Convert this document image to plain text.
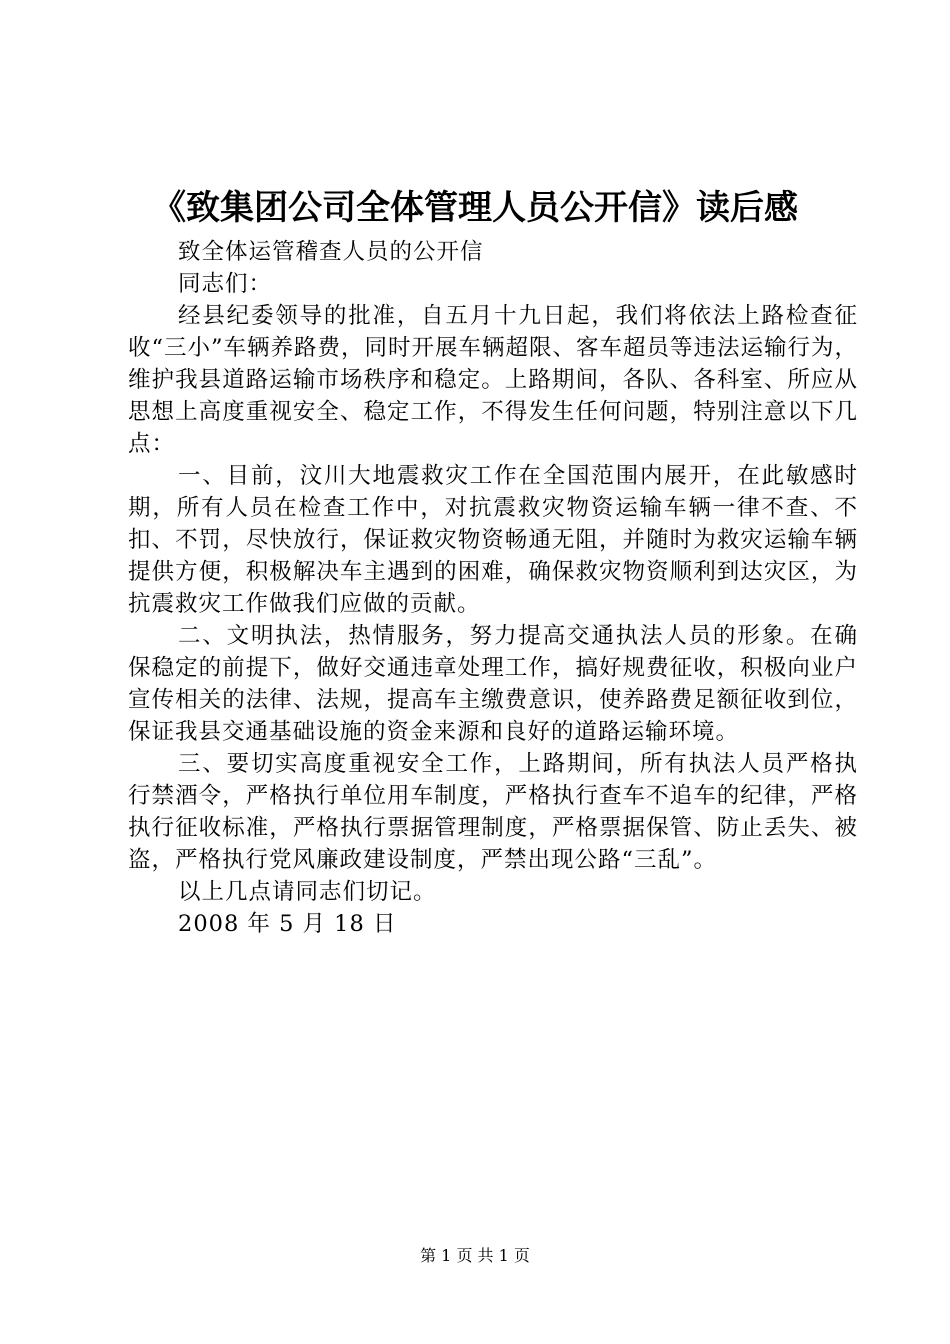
《致集团公司全体管理人员公开信》读后感

致全体运管稽查人员的公开信

同志们：

经县纪委领导的批准，自五月十九日起，我们将依法上路检查征收“三小”车辆养路费，同时开展车辆超限、客车超员等违法运输行为，维护我县道路运输市场秩序和稳定。上路期间，各队、各科室、所应从思想上高度重视安全、稳定工作，不得发生任何问题，特别注意以下几点：

一、目前，汶川大地震救灾工作在全国范围内展开，在此敏感时期，所有人员在检查工作中，对抗震救灾物资运输车辆一律不查、不扣、不罚，尽快放行，保证救灾物资畅通无阻，并随时为救灾运输车辆提供方便，积极解决车主遇到的困难，确保救灾物资顺利到达灾区，为抗震救灾工作做我们应做的贡献。

二、文明执法，热情服务，努力提高交通执法人员的形象。在确保稳定的前提下，做好交通违章处理工作，搞好规费征收，积极向业户宣传相关的法律、法规，提高车主缴费意识，使养路费足额征收到位，保证我县交通基础设施的资金来源和良好的道路运输环境。

三、要切实高度重视安全工作，上路期间，所有执法人员严格执行禁酒令，严格执行单位用车制度，严格执行查车不追车的纪律，严格执行征收标准，严格执行票据管理制度，严格票据保管、防止丢失、被盗，严格执行党风廉政建设制度，严禁出现公路“三乱”。

以上几点请同志们切记。

2008 年 5 月 18 日

第 1 页 共 1 页
